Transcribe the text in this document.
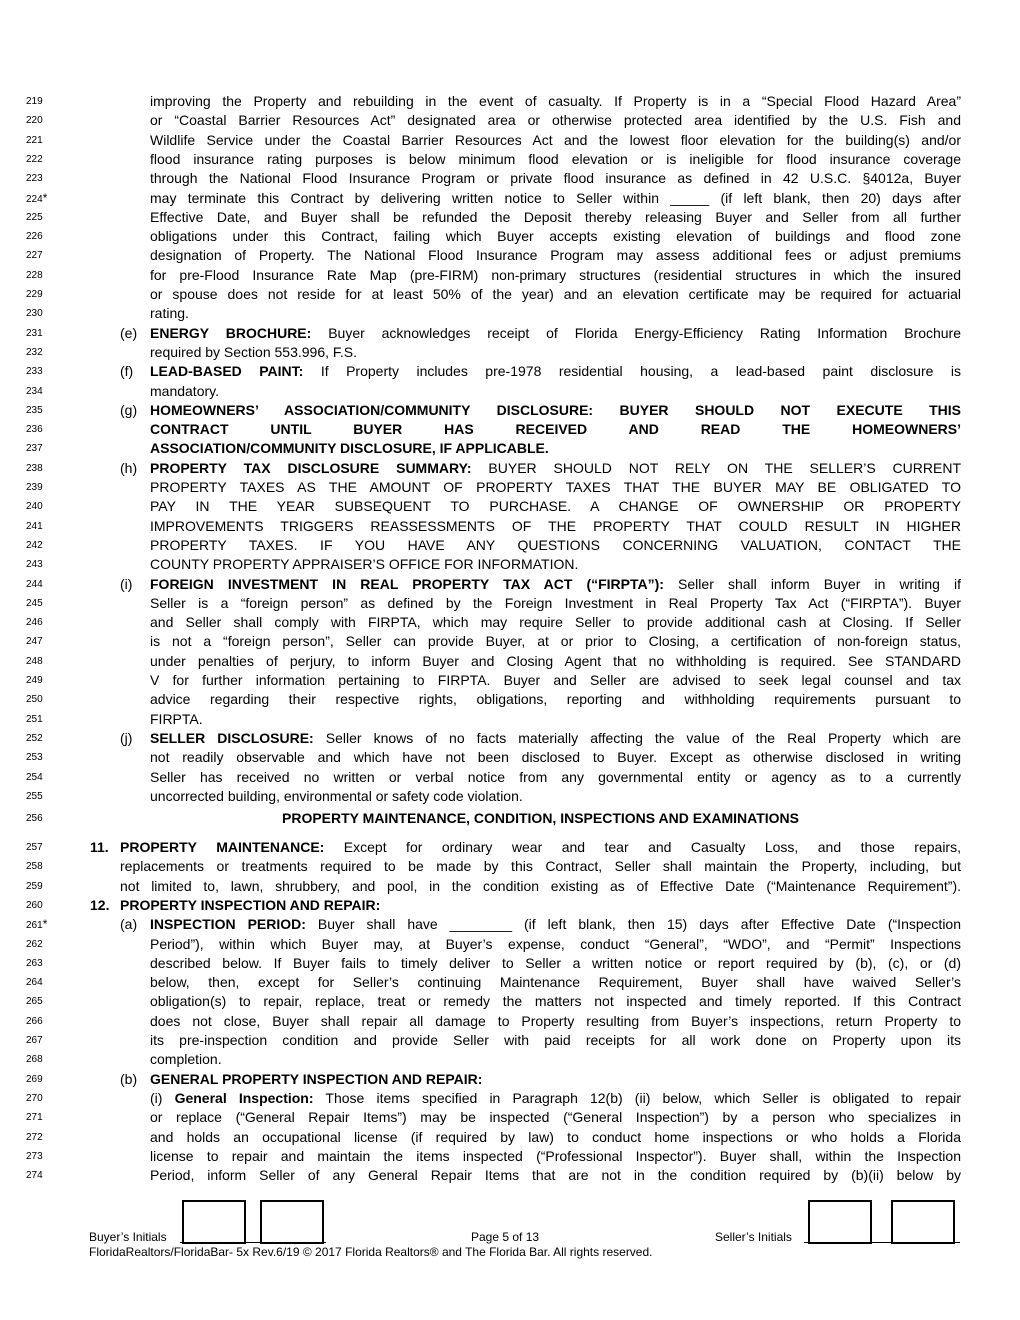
219	improving the Property and rebuilding in the event of casualty. If Property is in a “Special Flood Hazard Area”
220	or “Coastal Barrier Resources Act” designated area or otherwise protected area identified by the U.S. Fish and
221	Wildlife Service under the Coastal Barrier Resources Act and the lowest floor elevation for the building(s) and/or
222	flood insurance rating purposes is below minimum flood elevation or is ineligible for flood insurance coverage
223	through the National Flood Insurance Program or private flood insurance as defined in 42 U.S.C. §4012a, Buyer
224*	may terminate this Contract by delivering written notice to Seller within _____ (if left blank, then 20) days after
225	Effective Date, and Buyer shall be refunded the Deposit thereby releasing Buyer and Seller from all further
226	obligations under this Contract, failing which Buyer accepts existing elevation of buildings and flood zone
227	designation of Property. The National Flood Insurance Program may assess additional fees or adjust premiums
228	for pre-Flood Insurance Rate Map (pre-FIRM) non-primary structures (residential structures in which the insured
229	or spouse does not reside for at least 50% of the year) and an elevation certificate may be required for actuarial
230	rating.
231	(e) ENERGY BROCHURE: Buyer acknowledges receipt of Florida Energy-Efficiency Rating Information Brochure
232	required by Section 553.996, F.S.
233	(f) LEAD-BASED PAINT: If Property includes pre-1978 residential housing, a lead-based paint disclosure is
234	mandatory.
235	(g) HOMEOWNERS’ ASSOCIATION/COMMUNITY DISCLOSURE: BUYER SHOULD NOT EXECUTE THIS
236	CONTRACT UNTIL BUYER HAS RECEIVED AND READ THE HOMEOWNERS’
237	ASSOCIATION/COMMUNITY DISCLOSURE, IF APPLICABLE.
238	(h) PROPERTY TAX DISCLOSURE SUMMARY: BUYER SHOULD NOT RELY ON THE SELLER’S CURRENT
239	PROPERTY TAXES AS THE AMOUNT OF PROPERTY TAXES THAT THE BUYER MAY BE OBLIGATED TO
240	PAY IN THE YEAR SUBSEQUENT TO PURCHASE. A CHANGE OF OWNERSHIP OR PROPERTY
241	IMPROVEMENTS TRIGGERS REASSESSMENTS OF THE PROPERTY THAT COULD RESULT IN HIGHER
242	PROPERTY TAXES. IF YOU HAVE ANY QUESTIONS CONCERNING VALUATION, CONTACT THE
243	COUNTY PROPERTY APPRAISER’S OFFICE FOR INFORMATION.
244	(i) FOREIGN INVESTMENT IN REAL PROPERTY TAX ACT (“FIRPTA”): Seller shall inform Buyer in writing if
245	Seller is a “foreign person” as defined by the Foreign Investment in Real Property Tax Act (“FIRPTA”). Buyer
246	and Seller shall comply with FIRPTA, which may require Seller to provide additional cash at Closing. If Seller
247	is not a “foreign person”, Seller can provide Buyer, at or prior to Closing, a certification of non-foreign status,
248	under penalties of perjury, to inform Buyer and Closing Agent that no withholding is required. See STANDARD
249	V for further information pertaining to FIRPTA. Buyer and Seller are advised to seek legal counsel and tax
250	advice regarding their respective rights, obligations, reporting and withholding requirements pursuant to
251	FIRPTA.
252	(j) SELLER DISCLOSURE: Seller knows of no facts materially affecting the value of the Real Property which are
253	not readily observable and which have not been disclosed to Buyer. Except as otherwise disclosed in writing
254	Seller has received no written or verbal notice from any governmental entity or agency as to a currently
255	uncorrected building, environmental or safety code violation.
256	PROPERTY MAINTENANCE, CONDITION, INSPECTIONS AND EXAMINATIONS
257	11. PROPERTY MAINTENANCE: Except for ordinary wear and tear and Casualty Loss, and those repairs,
258	replacements or treatments required to be made by this Contract, Seller shall maintain the Property, including, but
259	not limited to, lawn, shrubbery, and pool, in the condition existing as of Effective Date (“Maintenance Requirement”).
260	12. PROPERTY INSPECTION AND REPAIR:
261*	(a) INSPECTION PERIOD: Buyer shall have ________ (if left blank, then 15) days after Effective Date (“Inspection
262	Period”), within which Buyer may, at Buyer’s expense, conduct “General”, “WDO”, and “Permit” Inspections
263	described below. If Buyer fails to timely deliver to Seller a written notice or report required by (b), (c), or (d)
264	below, then, except for Seller’s continuing Maintenance Requirement, Buyer shall have waived Seller’s
265	obligation(s) to repair, replace, treat or remedy the matters not inspected and timely reported. If this Contract
266	does not close, Buyer shall repair all damage to Property resulting from Buyer’s inspections, return Property to
267	its pre-inspection condition and provide Seller with paid receipts for all work done on Property upon its
268	completion.
269	(b) GENERAL PROPERTY INSPECTION AND REPAIR:
270	(i) General Inspection: Those items specified in Paragraph 12(b) (ii) below, which Seller is obligated to repair
271	or replace (“General Repair Items”) may be inspected (“General Inspection”) by a person who specializes in
272	and holds an occupational license (if required by law) to conduct home inspections or who holds a Florida
273	license to repair and maintain the items inspected (“Professional Inspector”). Buyer shall, within the Inspection
274	Period, inform Seller of any General Repair Items that are not in the condition required by (b)(ii) below by
Buyer’s Initials	Page 5 of 13	Seller’s Initials
FloridaRealtors/FloridaBar- 5x Rev.6/19 © 2017 Florida Realtors® and The Florida Bar. All rights reserved.
